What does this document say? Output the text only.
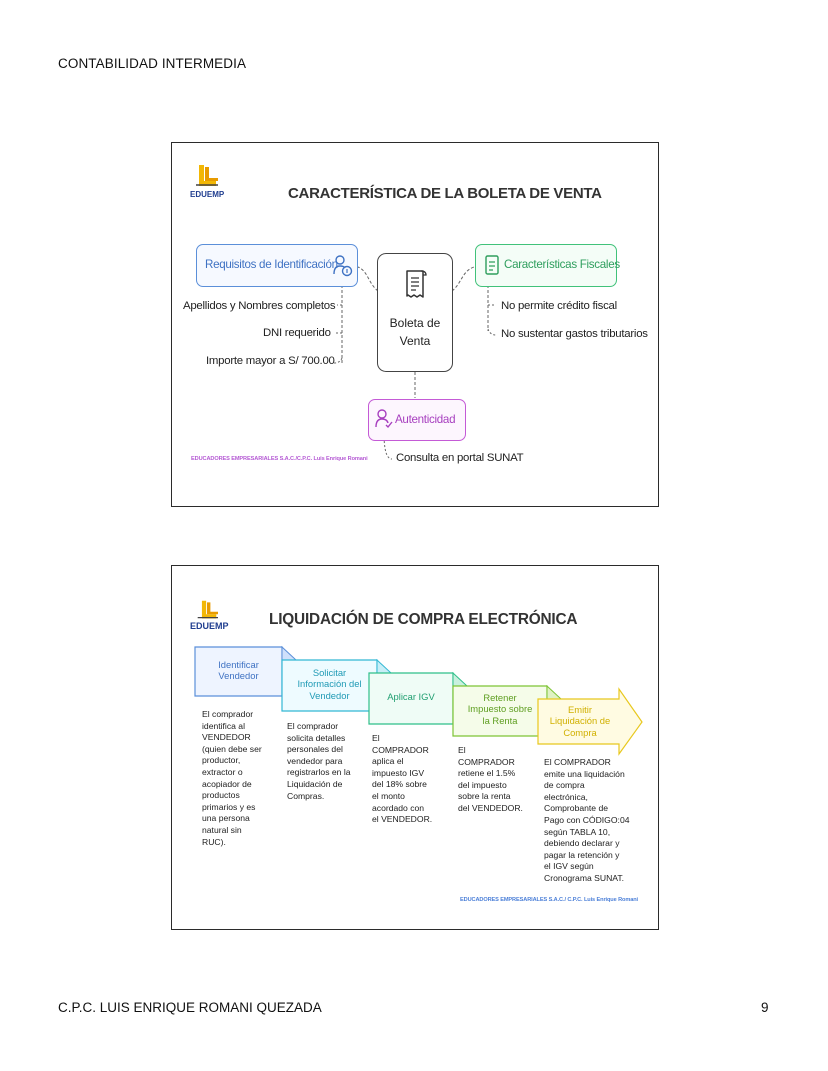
CONTABILIDAD INTERMEDIA
EDUEMP	CARACTERÍSTICA DE LA BOLETA DE VENTA
Boleta de
Venta
Requisitos de Identificación
Apellidos y Nombres completos
DNI requerido
Importe mayor a S/ 700.00
Características Fiscales
No permite crédito fiscal
No sustentar gastos tributarios
Autenticidad
Consulta en portal SUNAT
EDUCADORES EMPRESARIALES S.A.C./C.P.C. Luis Enrique Romani
EDUEMP	LIQUIDACIÓN DE COMPRA ELECTRÓNICA
Identificar
Vendedor	Solicitar
Información del
Vendedor	Aplicar IGV	Retener
Impuesto sobre
la Renta
Emitir
Liquidación de
Compra
El comprador
identifica al
VENDEDOR
(quien debe ser
productor,
extractor o
acopiador de
productos
primarios y es
una persona
natural sin
RUC).
El comprador
solicita detalles
personales del
vendedor para
registrarlos en la
Liquidación de
Compras.
El
COMPRADOR
aplica el
impuesto IGV
del 18% sobre
el monto
acordado con
el VENDEDOR.
El
COMPRADOR
retiene el 1.5%
del impuesto
sobre la renta
del VENDEDOR.
El COMPRADOR
emite una liquidación
de compra
electrónica,
Comprobante de
Pago con CÓDIGO:04
según TABLA 10,
debiendo declarar y
pagar la retención y
el IGV según
Cronograma SUNAT.
EDUCADORES EMPRESARIALES S.A.C./ C.P.C. Luis Enrique Romani
C.P.C. LUIS ENRIQUE ROMANI QUEZADA	9
